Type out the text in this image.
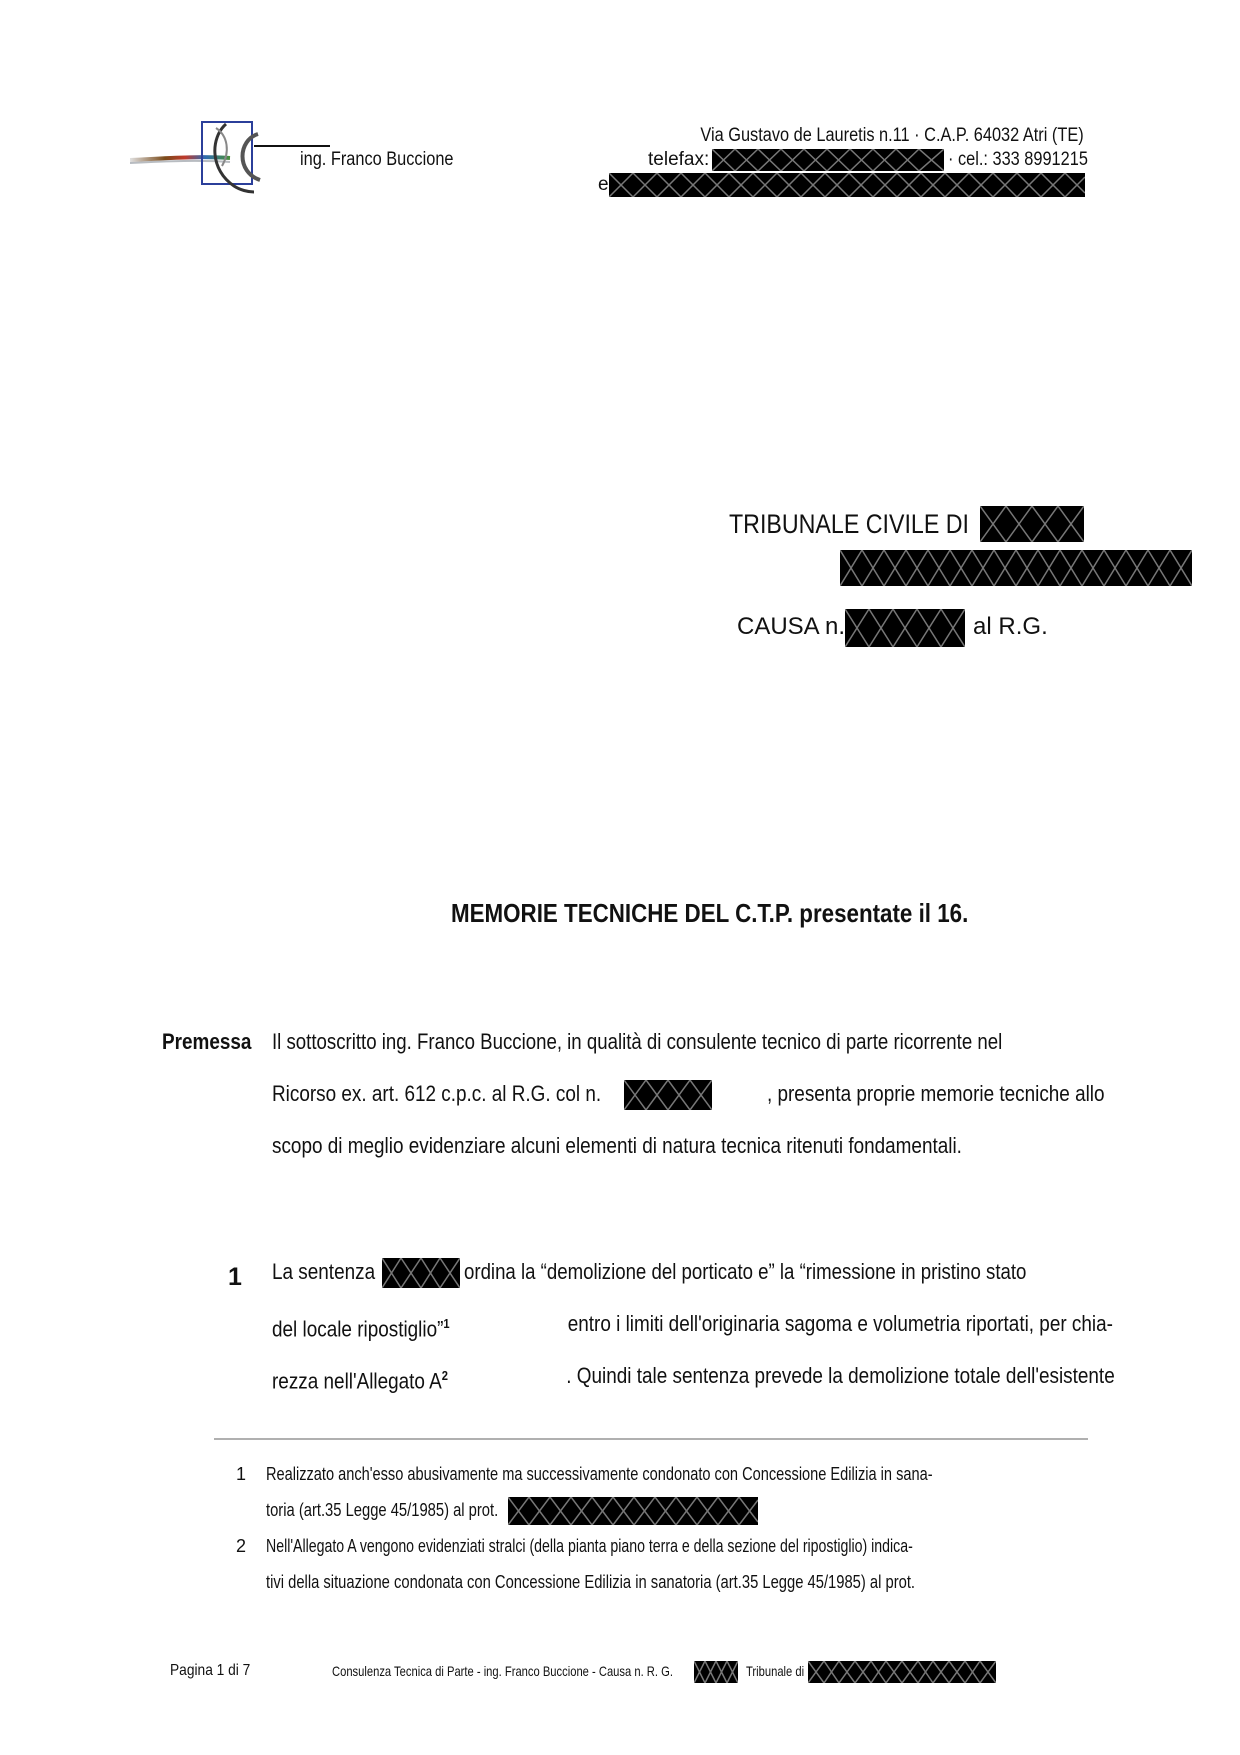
ing. Franco Buccione
Via Gustavo de Lauretis n.11 · C.A.P. 64032 Atri (TE)
telefax:	· cel.: 333 8991215
e
TRIBUNALE CIVILE DI

CAUSA n.	al R.G.
MEMORIE TECNICHE DEL C.T.P. presentate il 16.
Premessa Il sottoscritto ing. Franco Buccione, in qualità di consulente tecnico di parte ricorrente nel
Ricorso ex. art. 612 c.p.c. al R.G. col n.	, presenta proprie memorie tecniche allo
scopo di meglio evidenziare alcuni elementi di natura tecnica ritenuti fondamentali.
1 La sentenza	ordina la “demolizione del porticato e” la “rimessione in pristino stato
del locale ripostiglio”$^1$	entro i limiti dell'originaria sagoma e volumetria riportati, per chia-
rezza nell'Allegato $A^2$	. Quindi tale sentenza prevede la demolizione totale dell'esistente
1 Realizzato anch'esso abusivamente ma successivamente condonato con Concessione Edilizia in sana-
toria (art.35 Legge 45/1985) al prot.
2 Nell'Allegato A vengono evidenziati stralci (della pianta piano terra e della sezione del ripostiglio) indica-
tivi della situazione condonata con Concessione Edilizia in sanatoria (art.35 Legge 45/1985) al prot.
Pagina 1 di 7	Consulenza Tecnica di Parte - ing. Franco Buccione - Causa n. R. G.	Tribunale di
